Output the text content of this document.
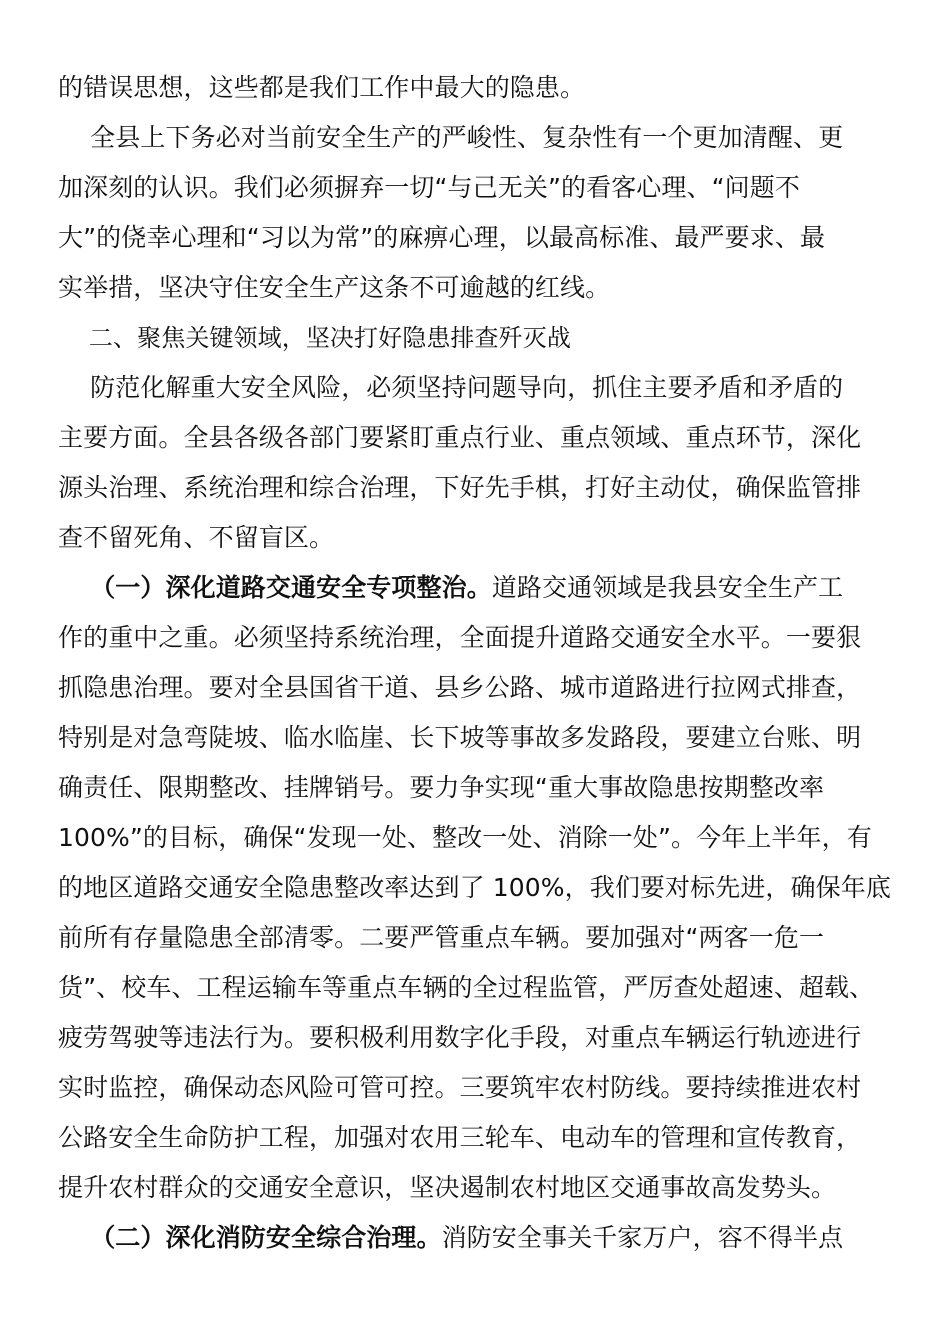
的错误思想，这些都是我们工作中最大的隐患。
全县上下务必对当前安全生产的严峻性、复杂性有一个更加清醒、更
加深刻的认识。我们必须摒弃一切“与己无关”的看客心理、“问题不
大”的侥幸心理和“习以为常”的麻痹心理，以最高标准、最严要求、最
实举措，坚决守住安全生产这条不可逾越的红线。
二、聚焦关键领域，坚决打好隐患排查歼灭战
防范化解重大安全风险，必须坚持问题导向，抓住主要矛盾和矛盾的
主要方面。全县各级各部门要紧盯重点行业、重点领域、重点环节，深化
源头治理、系统治理和综合治理，下好先手棋，打好主动仗，确保监管排
查不留死角、不留盲区。
（一）深化道路交通安全专项整治。道路交通领域是我县安全生产工
作的重中之重。必须坚持系统治理，全面提升道路交通安全水平。一要狠
抓隐患治理。要对全县国省干道、县乡公路、城市道路进行拉网式排查，
特别是对急弯陡坡、临水临崖、长下坡等事故多发路段，要建立台账、明
确责任、限期整改、挂牌销号。要力争实现“重大事故隐患按期整改率
100%”的目标，确保“发现一处、整改一处、消除一处”。今年上半年，有
的地区道路交通安全隐患整改率达到了 100%，我们要对标先进，确保年底
前所有存量隐患全部清零。二要严管重点车辆。要加强对“两客一危一
货”、校车、工程运输车等重点车辆的全过程监管，严厉查处超速、超载、
疲劳驾驶等违法行为。要积极利用数字化手段，对重点车辆运行轨迹进行
实时监控，确保动态风险可管可控。三要筑牢农村防线。要持续推进农村
公路安全生命防护工程，加强对农用三轮车、电动车的管理和宣传教育，
提升农村群众的交通安全意识，坚决遏制农村地区交通事故高发势头。
（二）深化消防安全综合治理。消防安全事关千家万户，容不得半点
